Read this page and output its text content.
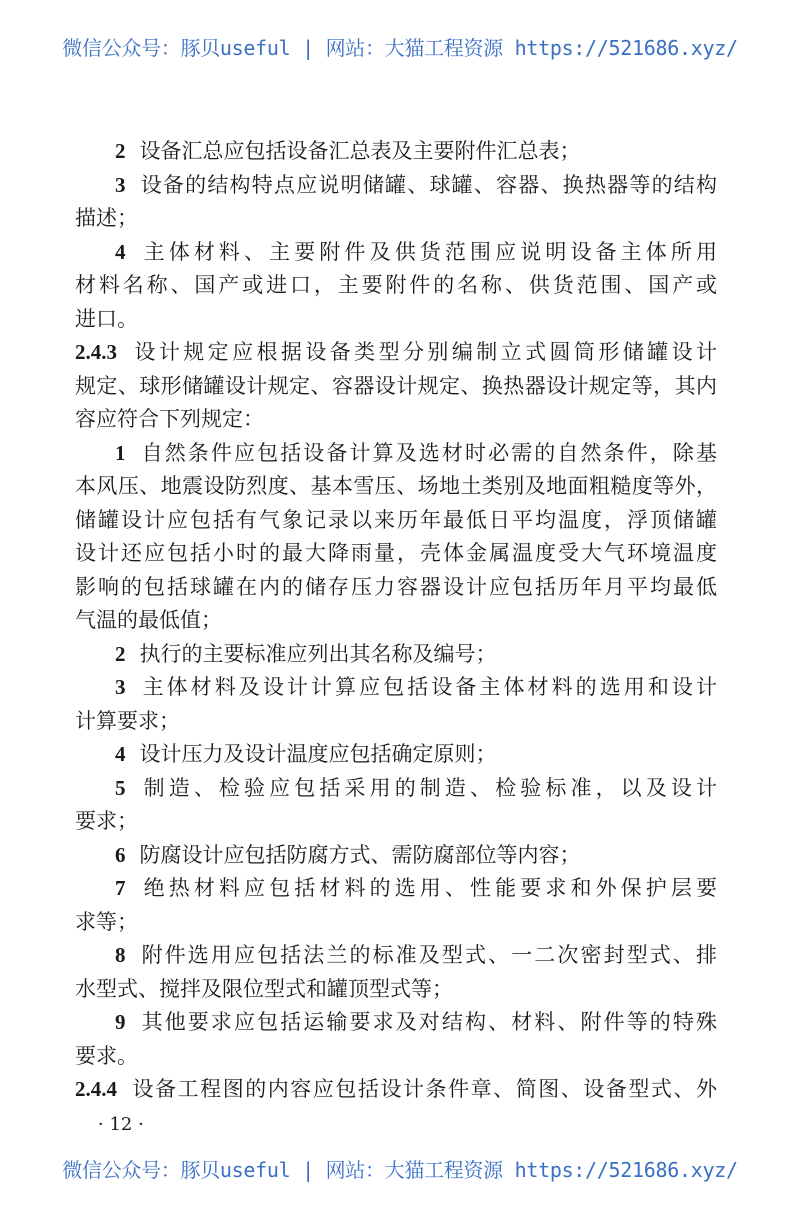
微信公众号：豚贝useful | 网站：大猫工程资源 https://521686.xyz/
2 设备汇总应包括设备汇总表及主要附件汇总表；
3 设备的结构特点应说明储罐、球罐、容器、换热器等的结构
描述；
4 主体材料、主要附件及供货范围应说明设备主体所用
材料名称、国产或进口，主要附件的名称、供货范围、国产或
进口。
2.4.3 设计规定应根据设备类型分别编制立式圆筒形储罐设计
规定、球形储罐设计规定、容器设计规定、换热器设计规定等，其内
容应符合下列规定：
1 自然条件应包括设备计算及选材时必需的自然条件，除基
本风压、地震设防烈度、基本雪压、场地土类别及地面粗糙度等外，
储罐设计应包括有气象记录以来历年最低日平均温度，浮顶储罐
设计还应包括小时的最大降雨量，壳体金属温度受大气环境温度
影响的包括球罐在内的储存压力容器设计应包括历年月平均最低
气温的最低值；
2 执行的主要标准应列出其名称及编号；
3 主体材料及设计计算应包括设备主体材料的选用和设计
计算要求；
4 设计压力及设计温度应包括确定原则；
5 制造、检验应包括采用的制造、检验标准，以及设计
要求；
6 防腐设计应包括防腐方式、需防腐部位等内容；
7 绝热材料应包括材料的选用、性能要求和外保护层要
求等；
8 附件选用应包括法兰的标准及型式、一二次密封型式、排
水型式、搅拌及限位型式和罐顶型式等；
9 其他要求应包括运输要求及对结构、材料、附件等的特殊
要求。
2.4.4 设备工程图的内容应包括设计条件章、简图、设备型式、外
· 12 ·
微信公众号：豚贝useful | 网站：大猫工程资源 https://521686.xyz/
